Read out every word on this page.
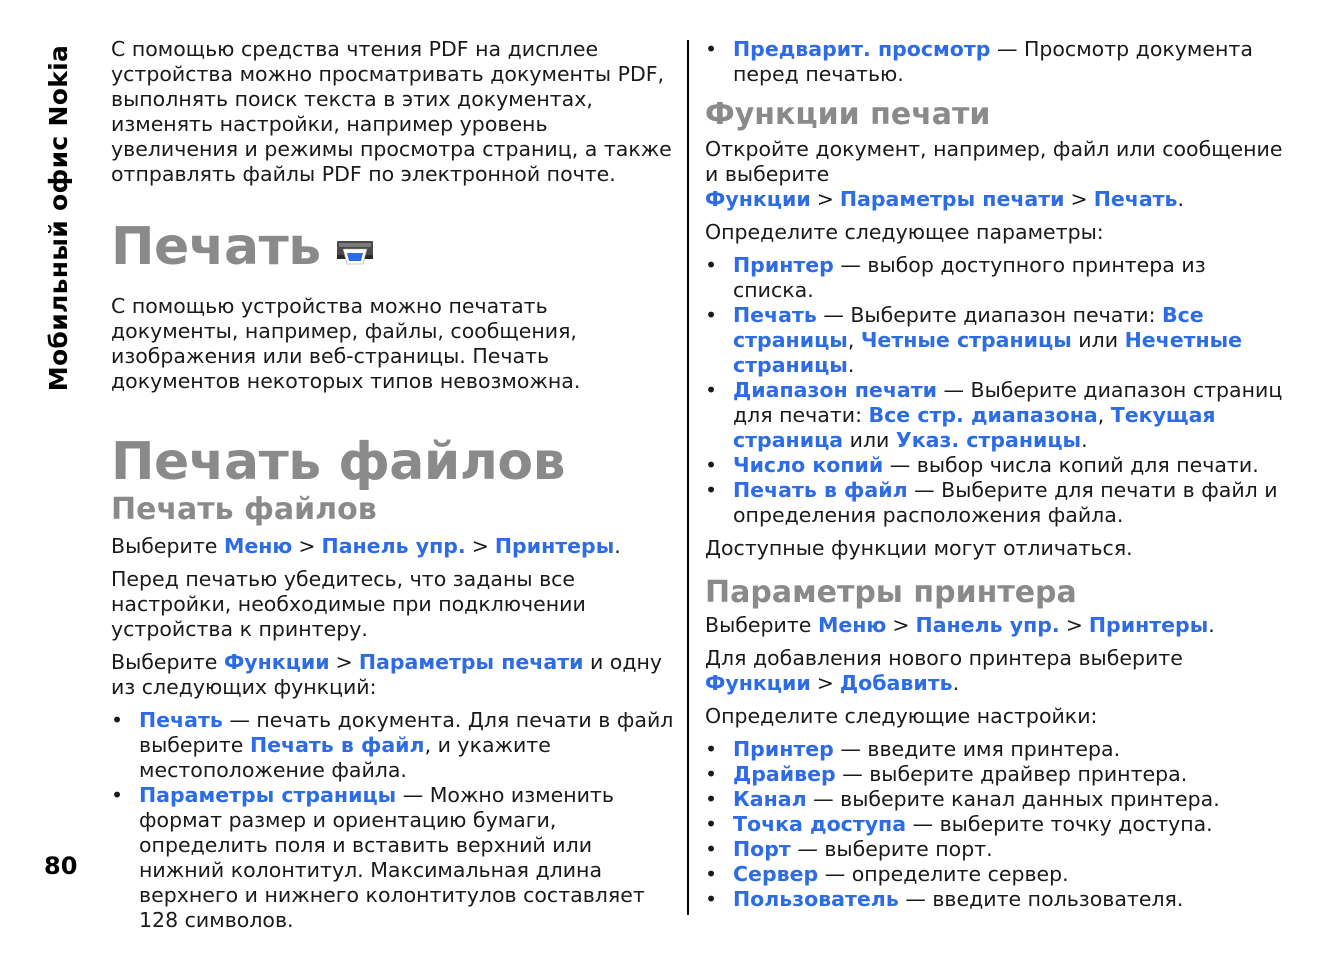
Мобильный офис Nokia
80

С помощью средства чтения PDF на дисплее устройства можно просматривать документы PDF, выполнять поиск текста в этих документах, изменять настройки, например уровень увеличения и режимы просмотра страниц, а также отправлять файлы PDF по электронной почте.

Печать

С помощью устройства можно печатать документы, например, файлы, сообщения, изображения или веб-страницы. Печать документов некоторых типов невозможна.

Печать файлов
Печать файлов

Выберите Меню > Панель упр. > Принтеры.

Перед печатью убедитесь, что заданы все настройки, необходимые при подключении устройства к принтеру.

Выберите Функции > Параметры печати и одну из следующих функций:

• Печать — печать документа. Для печати в файл выберите Печать в файл, и укажите местоположение файла.
• Параметры страницы — Можно изменить формат размер и ориентацию бумаги, определить поля и вставить верхний или нижний колонтитул. Максимальная длина верхнего и нижнего колонтитулов составляет 128 символов.
• Предварит. просмотр — Просмотр документа перед печатью.
Функции печати

Откройте документ, например, файл или сообщение и выберите Функции > Параметры печати > Печать.

Определите следующее параметры:

• Принтер — выбор доступного принтера из списка.
• Печать — Выберите диапазон печати: Все страницы, Четные страницы или Нечетные страницы.
• Диапазон печати — Выберите диапазон страниц для печати: Все стр. диапазона, Текущая страница или Указ. страницы.
• Число копий — выбор числа копий для печати.
• Печать в файл — Выберите для печати в файл и определения расположения файла.

Доступные функции могут отличаться.

Параметры принтера

Выберите Меню > Панель упр. > Принтеры.

Для добавления нового принтера выберите Функции > Добавить.

Определите следующие настройки:

• Принтер — введите имя принтера.
• Драйвер — выберите драйвер принтера.
• Канал — выберите канал данных принтера.
• Точка доступа — выберите точку доступа.
• Порт — выберите порт.
• Сервер — определите сервер.
• Пользователь — введите пользователя.
